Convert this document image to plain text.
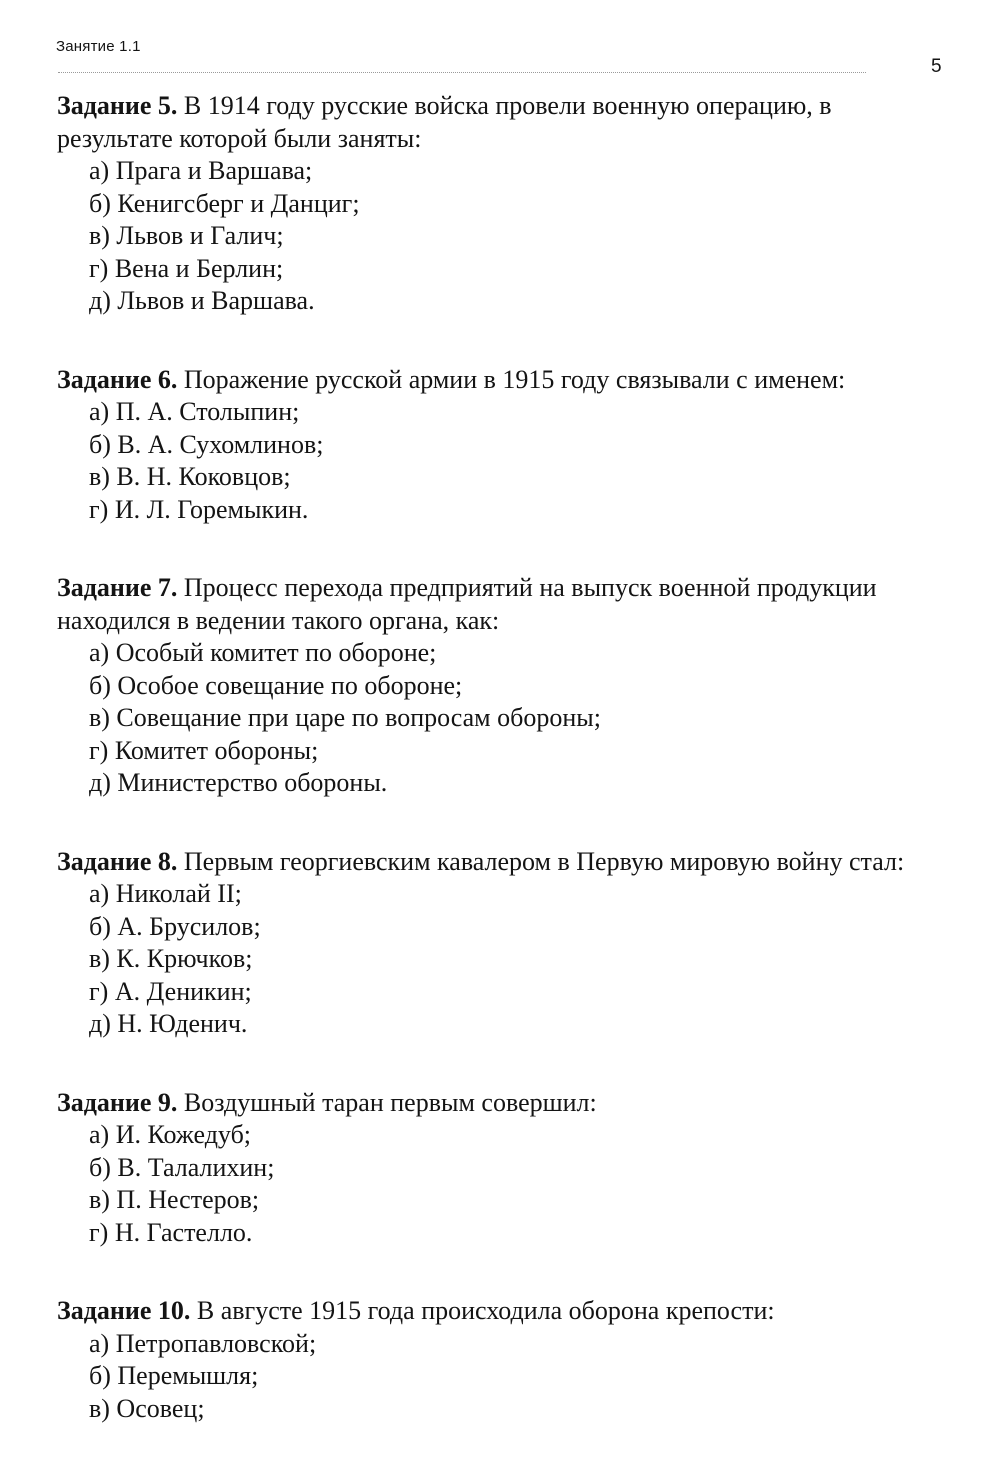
Занятие 1.1
5

Задание 5. В 1914 году русские войска провели военную операцию, в результате которой были заняты:

а) Прага и Варшава;
б) Кенигсберг и Данциг;
в) Львов и Галич;
г) Вена и Берлин;
д) Львов и Варшава.

Задание 6. Поражение русской армии в 1915 году связывали с именем:

а) П. А. Столыпин;
б) В. А. Сухомлинов;
в) В. Н. Коковцов;
г) И. Л. Горемыкин.

Задание 7. Процесс перехода предприятий на выпуск военной продукции находился в ведении такого органа, как:

а) Особый комитет по обороне;
б) Особое совещание по обороне;
в) Совещание при царе по вопросам обороны;
г) Комитет обороны;
д) Министерство обороны.

Задание 8. Первым георгиевским кавалером в Первую мировую войну стал:

а) Николай II;
б) А. Брусилов;
в) К. Крючков;
г) А. Деникин;
д) Н. Юденич.

Задание 9. Воздушный таран первым совершил:

а) И. Кожедуб;
б) В. Талалихин;
в) П. Нестеров;
г) Н. Гастелло.

Задание 10. В августе 1915 года происходила оборона крепости:

а) Петропавловской;
б) Перемышля;
в) Осовец;
